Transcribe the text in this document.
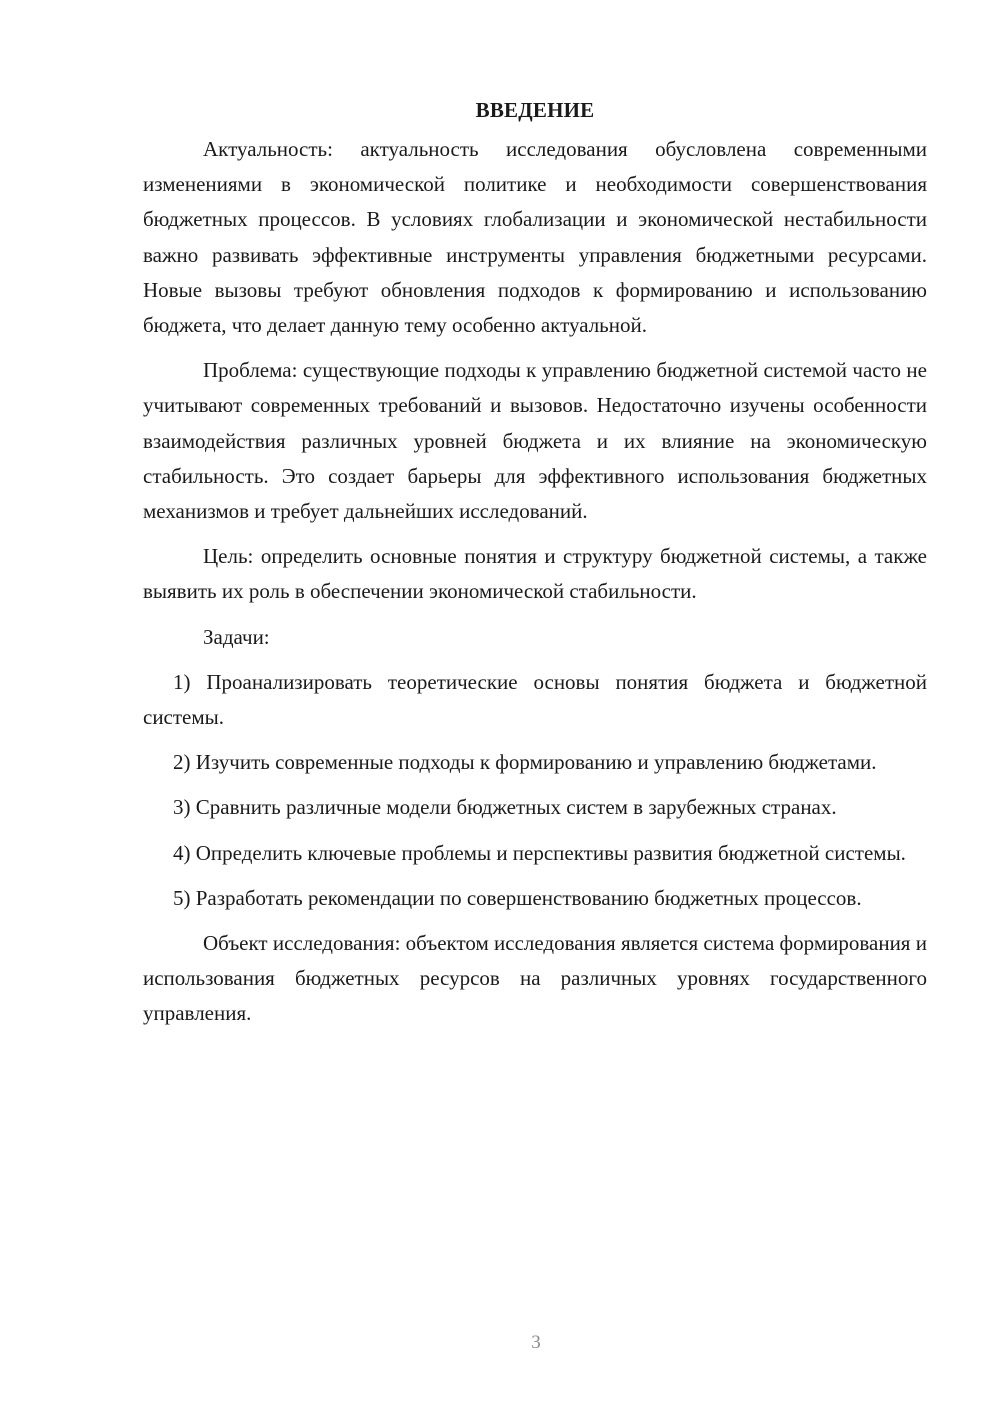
ВВЕДЕНИЕ

Актуальность: актуальность исследования обусловлена современными изменениями в экономической политике и необходимости совершенствования бюджетных процессов. В условиях глобализации и экономической нестабильности важно развивать эффективные инструменты управления бюджетными ресурсами. Новые вызовы требуют обновления подходов к формированию и использованию бюджета, что делает данную тему особенно актуальной.

Проблема: существующие подходы к управлению бюджетной системой часто не учитывают современных требований и вызовов. Недостаточно изучены особенности взаимодействия различных уровней бюджета и их влияние на экономическую стабильность. Это создает барьеры для эффективного использования бюджетных механизмов и требует дальнейших исследований.

Цель: определить основные понятия и структуру бюджетной системы, а также выявить их роль в обеспечении экономической стабильности.

Задачи:

1) Проанализировать теоретические основы понятия бюджета и бюджетной системы.

2) Изучить современные подходы к формированию и управлению бюджетами.

3) Сравнить различные модели бюджетных систем в зарубежных странах.

4) Определить ключевые проблемы и перспективы развития бюджетной системы.

5) Разработать рекомендации по совершенствованию бюджетных процессов.

Объект исследования: объектом исследования является система формирования и использования бюджетных ресурсов на различных уровнях государственного управления.

3
